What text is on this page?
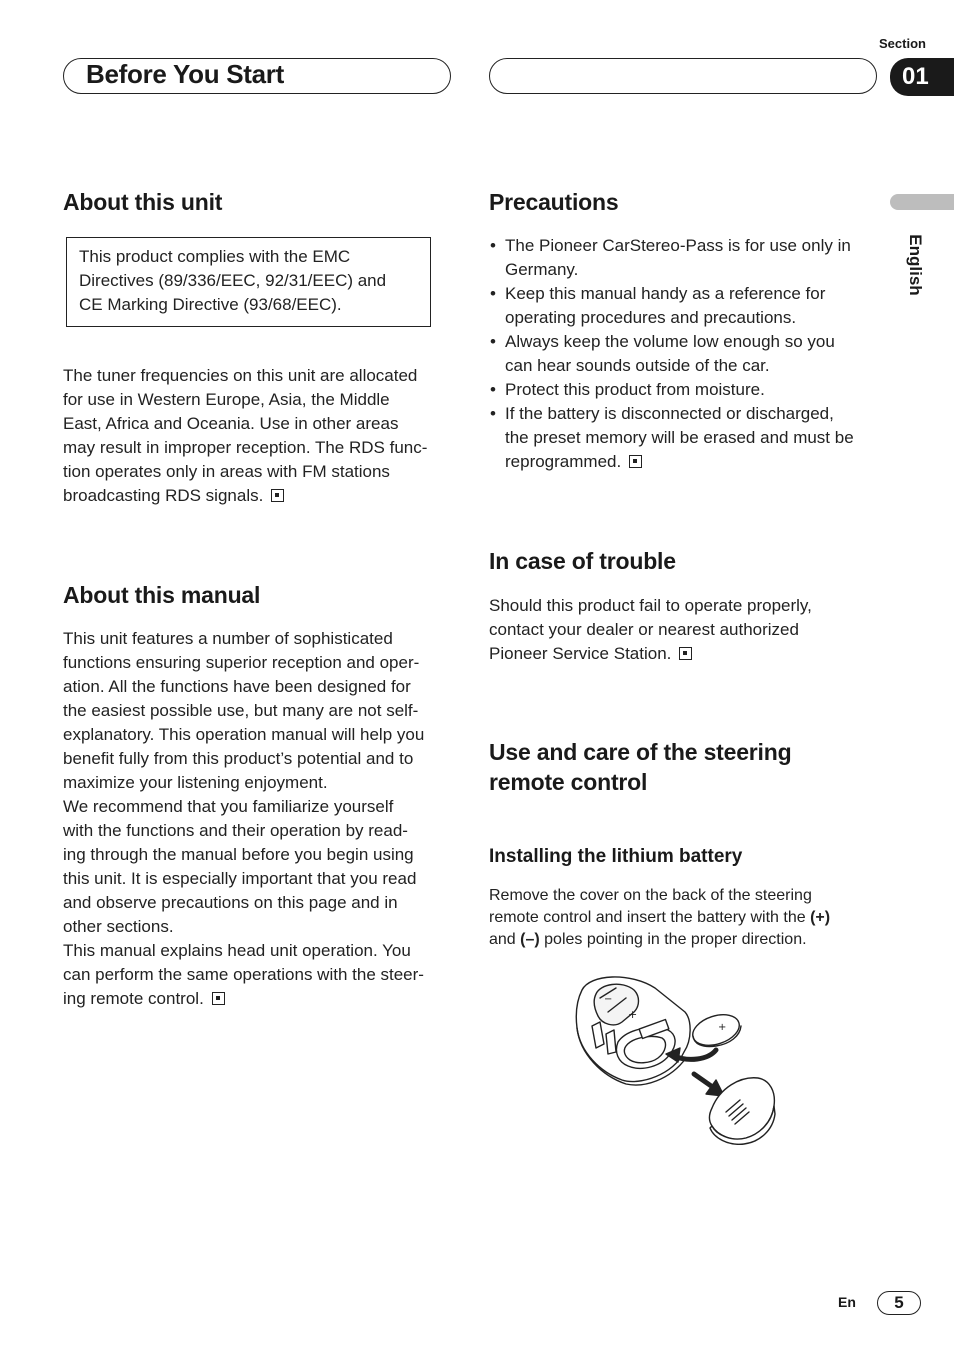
Section
Before You Start	01
English
About this unit
This product complies with the EMC
Directives (89/336/EEC, 92/31/EEC) and
CE Marking Directive (93/68/EEC).
The tuner frequencies on this unit are allocated
for use in Western Europe, Asia, the Middle
East, Africa and Oceania. Use in other areas
may result in improper reception. The RDS func-
tion operates only in areas with FM stations
broadcasting RDS signals.
About this manual
This unit features a number of sophisticated
functions ensuring superior reception and oper-
ation. All the functions have been designed for
the easiest possible use, but many are not self-
explanatory. This operation manual will help you
benefit fully from this product’s potential and to
maximize your listening enjoyment.
We recommend that you familiarize yourself
with the functions and their operation by read-
ing through the manual before you begin using
this unit. It is especially important that you read
and observe precautions on this page and in
other sections.
This manual explains head unit operation. You
can perform the same operations with the steer-
ing remote control.
Precautions
• The Pioneer CarStereo-Pass is for use only in
Germany.
• Keep this manual handy as a reference for
operating procedures and precautions.
• Always keep the volume low enough so you
can hear sounds outside of the car.
• Protect this product from moisture.
• If the battery is disconnected or discharged,
the preset memory will be erased and must be
reprogrammed.
In case of trouble
Should this product fail to operate properly,
contact your dealer or nearest authorized
Pioneer Service Station.
Use and care of the steering
remote control
Installing the lithium battery
Remove the cover on the back of the steering
remote control and insert the battery with the (+)
and (–) poles pointing in the proper direction.
−
+
+
En 5
